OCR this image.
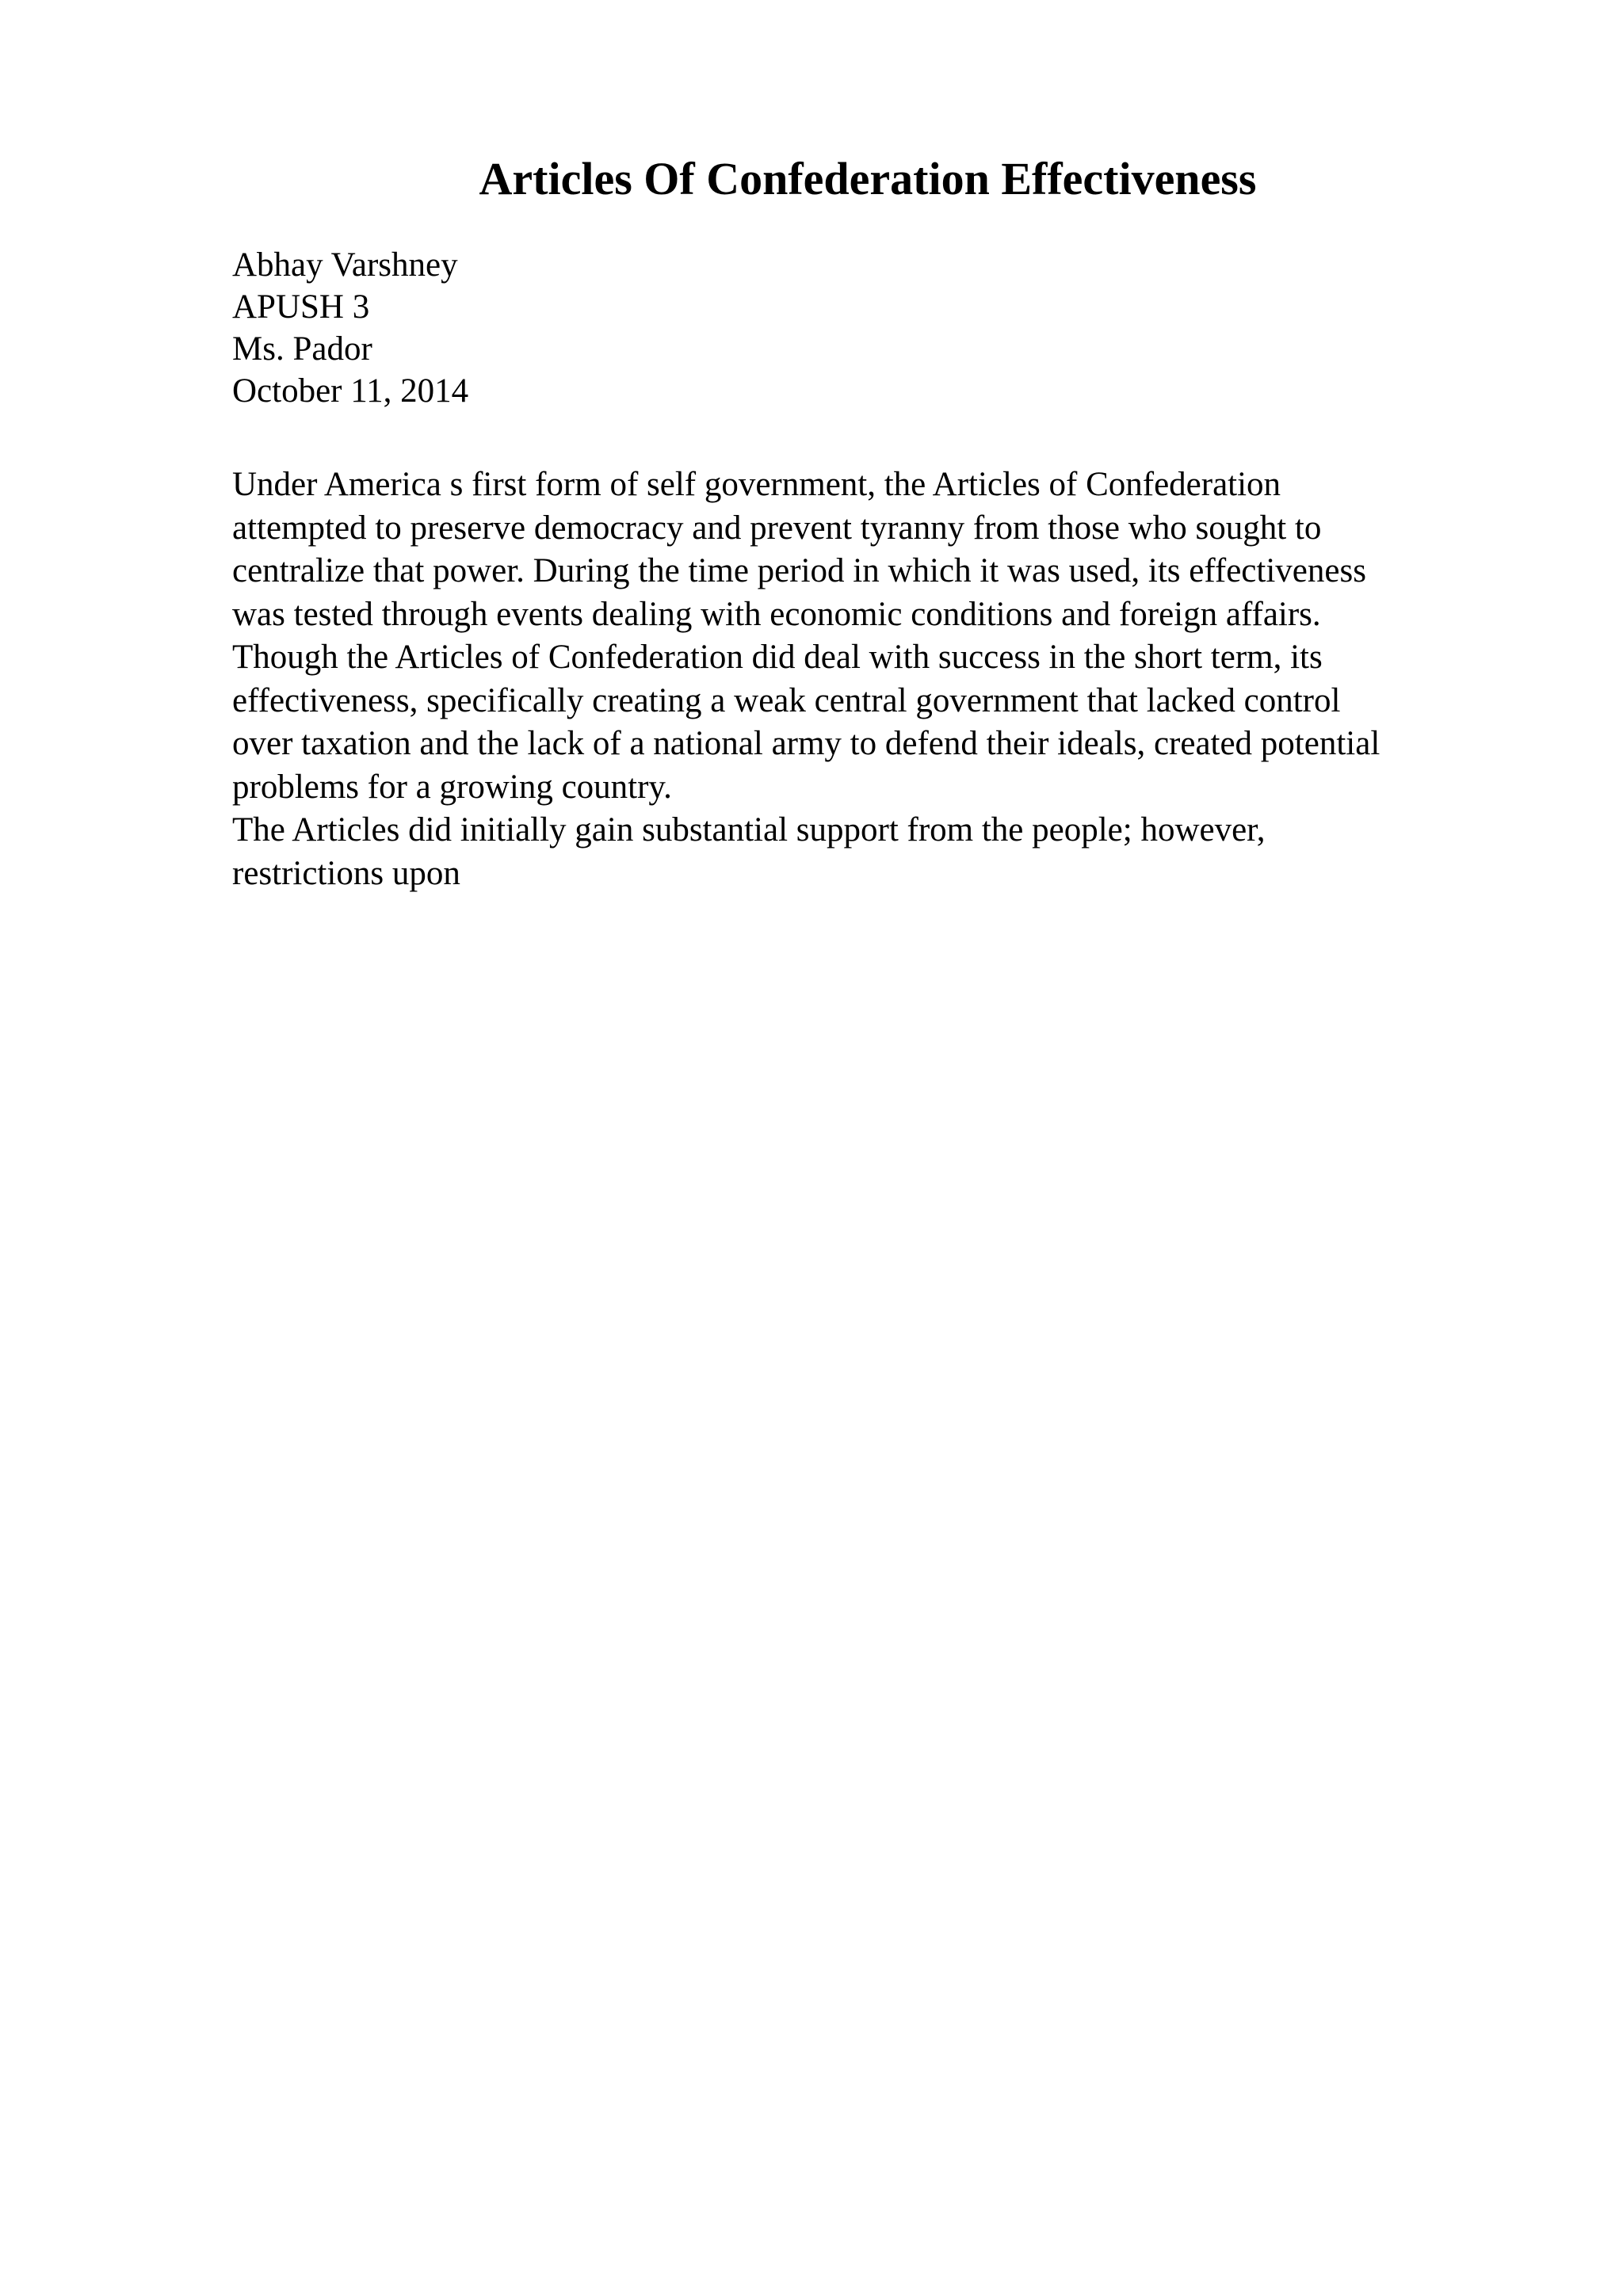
Articles Of Confederation Effectiveness
Abhay Varshney
APUSH 3
Ms. Pador
October 11, 2014
Under America s first form of self government, the Articles of Confederation
attempted to preserve democracy and prevent tyranny from those who sought to
centralize that power. During the time period in which it was used, its effectiveness
was tested through events dealing with economic conditions and foreign affairs.
Though the Articles of Confederation did deal with success in the short term, its
effectiveness, specifically creating a weak central government that lacked control
over taxation and the lack of a national army to defend their ideals, created potential
problems for a growing country.
The Articles did initially gain substantial support from the people; however,
restrictions upon
